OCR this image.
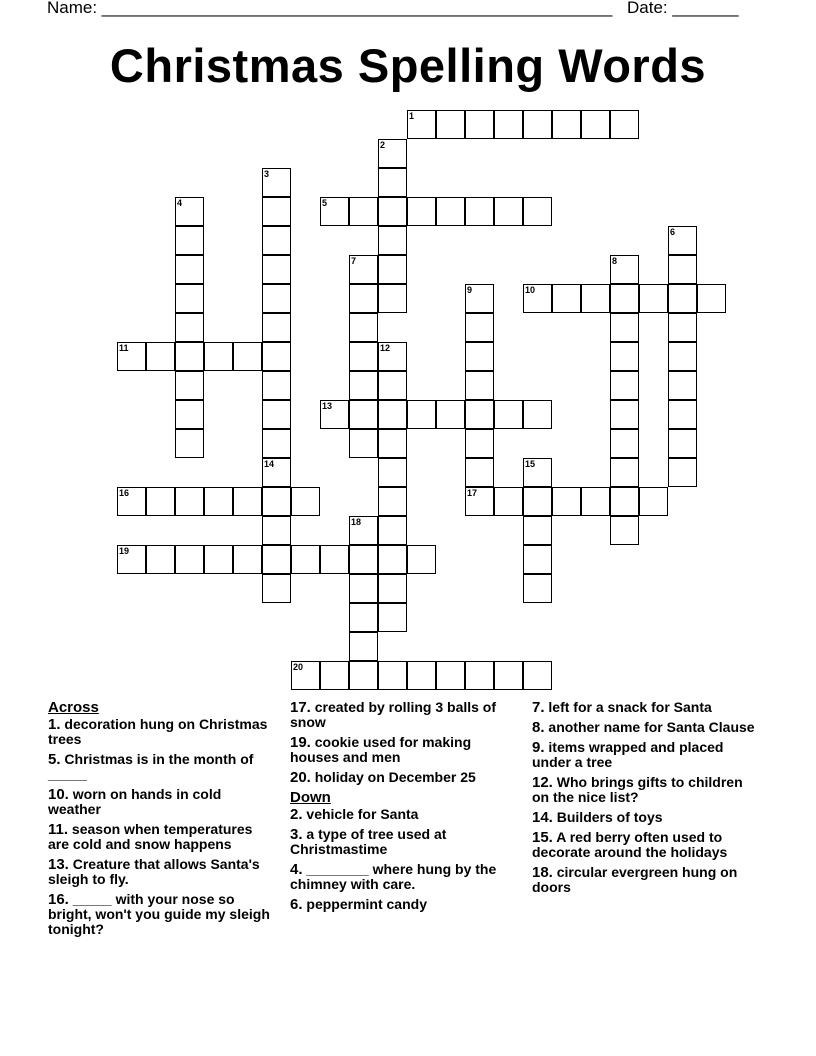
Name: ______________________________________________________ Date: _______
Christmas Spelling Words
1
2
3
4	5
6
7	8
9	10
11	12
13
14	15
16	17
18
19
20
Across
1. decoration hung on Christmas trees
5. Christmas is in the month of _____
10. worn on hands in cold weather
11. season when temperatures are cold and snow happens
13. Creature that allows Santa's sleigh to fly.
16. _____ with your nose so bright, won't you guide my sleigh tonight?
17. created by rolling 3 balls of snow
19. cookie used for making houses and men
20. holiday on December 25
Down
2. vehicle for Santa
3. a type of tree used at Christmastime
4. ________ where hung by the chimney with care.
6. peppermint candy
7. left for a snack for Santa
8. another name for Santa Clause
9. items wrapped and placed under a tree
12. Who brings gifts to children on the nice list?
14. Builders of toys
15. A red berry often used to decorate around the holidays
18. circular evergreen hung on doors
